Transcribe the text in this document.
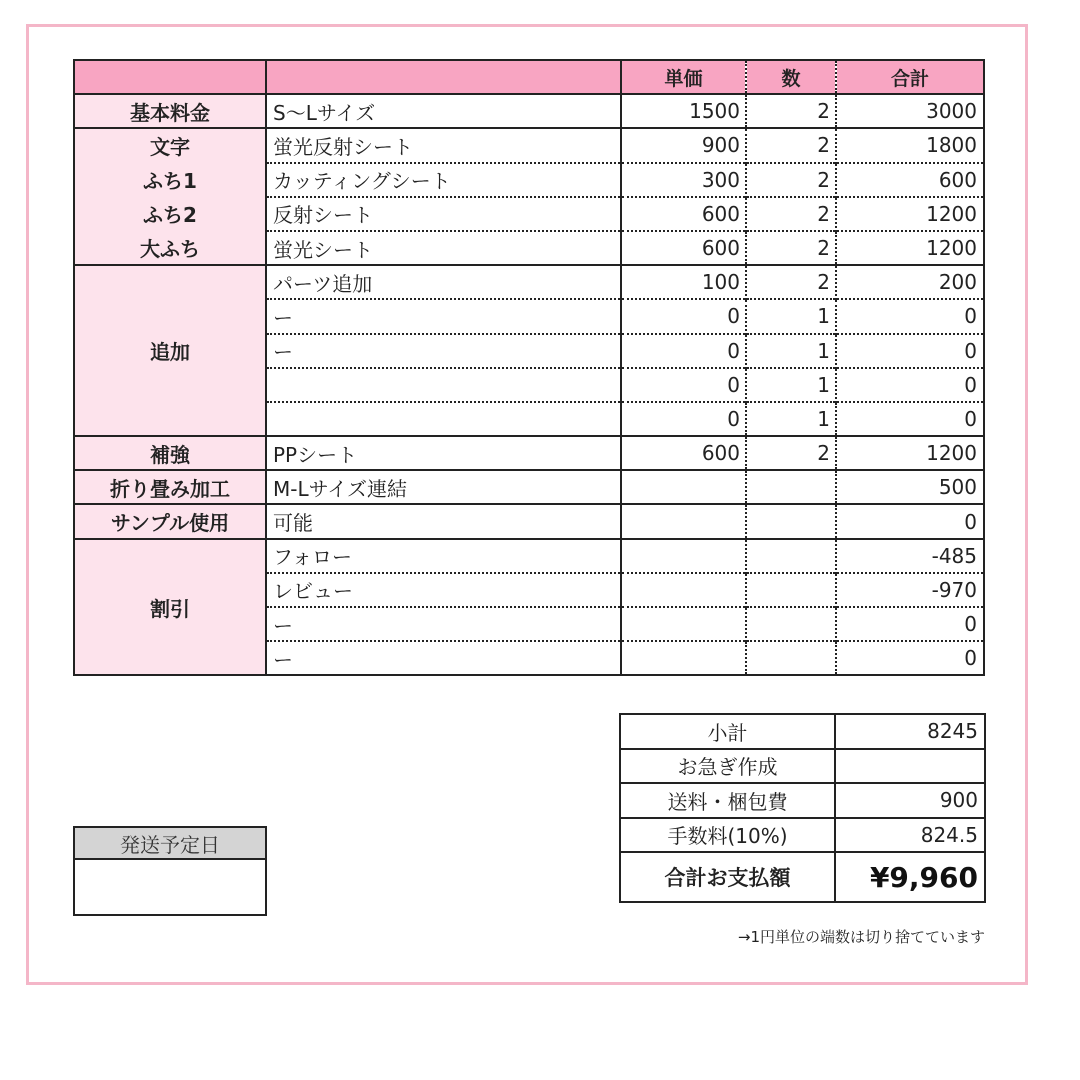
		単価	数	合計
基本料金	S〜Lサイズ	1500	2	3000
文字	蛍光反射シート	900	2	1800
ふち1	カッティングシート	300	2	600
ふち2	反射シート	600	2	1200
大ふち	蛍光シート	600	2	1200
追加	パーツ追加	100	2	200
	ー	0	1	0
	ー	0	1	0
		0	1	0
		0	1	0
補強	PPシート	600	2	1200
折り畳み加工	M-Lサイズ連結			500
サンプル使用	可能			0
割引	フォロー			-485
	レビュー			-970
	ー			0
	ー			0
小計	8245
お急ぎ作成	
送料・梱包費	900
手数料(10%)	824.5
合計お支払額	¥9,960
→1円単位の端数は切り捨てています
発送予定日
